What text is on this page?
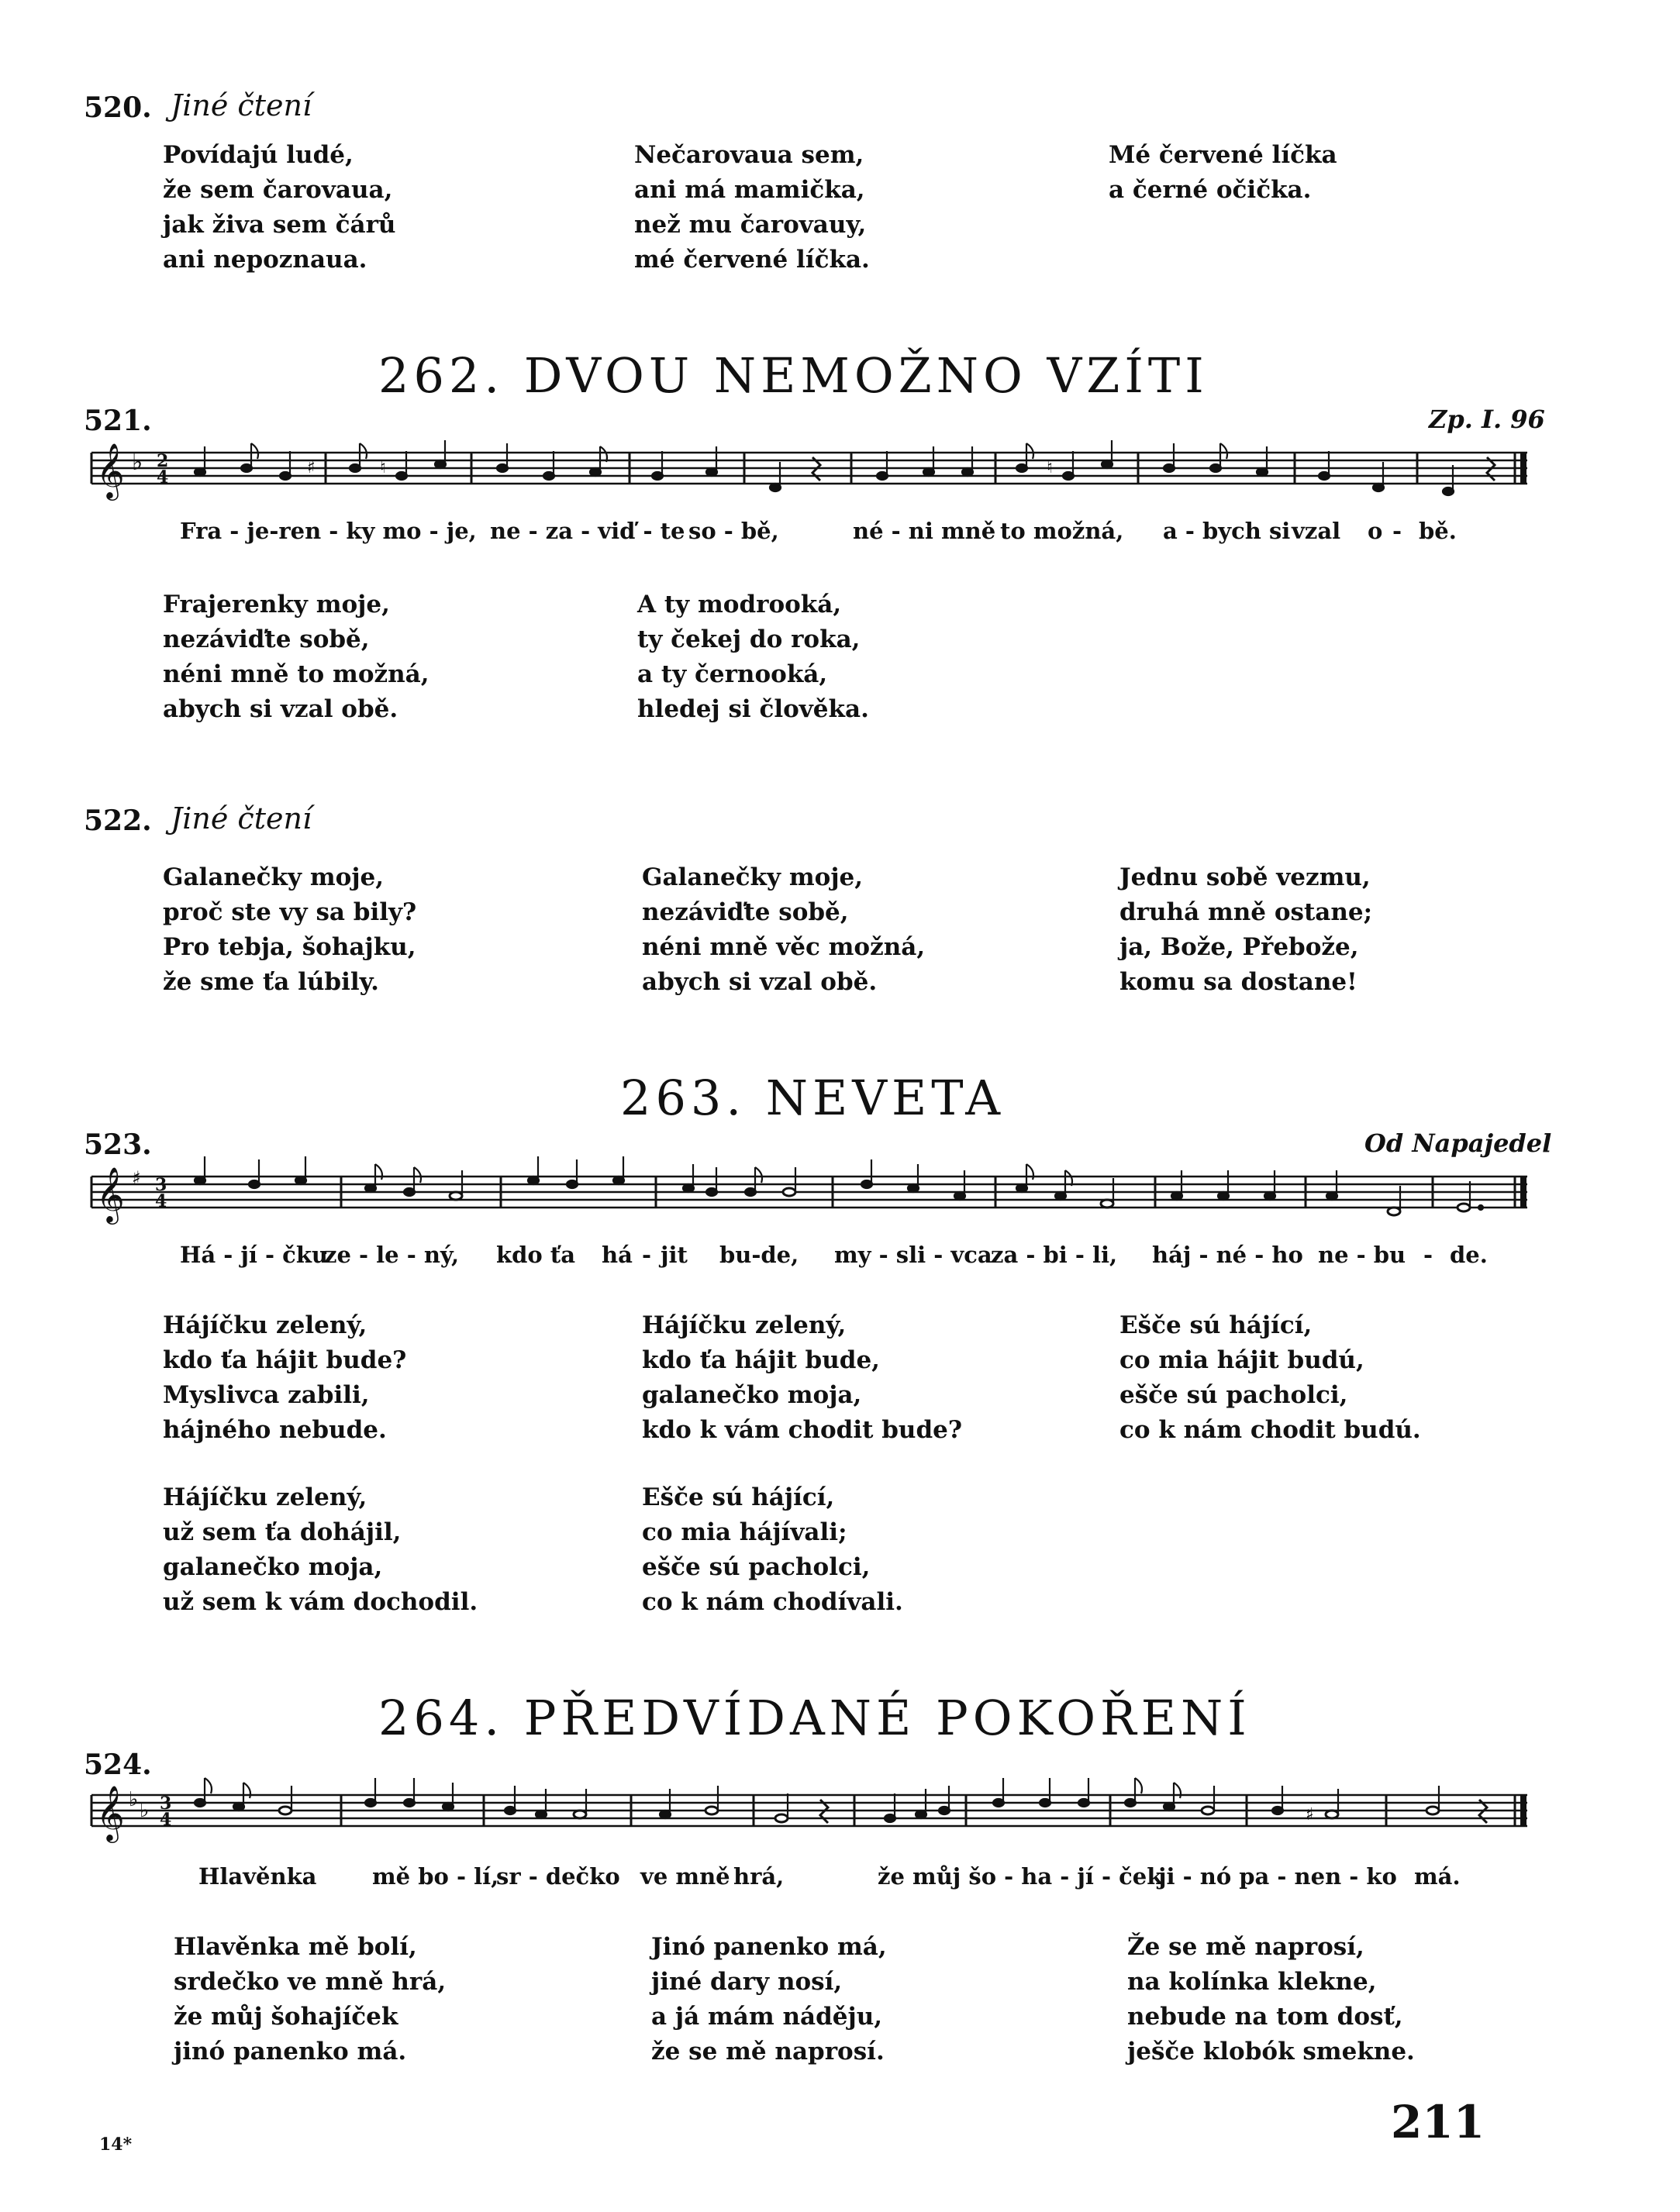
520. Jiné čtení
Povídajú ludé,
že sem čarovaua,
jak živa sem čárů
ani nepoznaua.
Nečarovaua sem,
ani má mamička,
než mu čarovauy,
mé červené líčka.
Mé červené líčka
a černé očička.
262. DVOU NEMOŽNO VZÍTI
521.	Zp. I. 96
𝄞 ♭ 2
4	♯	♮	♮
Fra - je-ren - ky mo - je, ne - za - viď - te so - bě,	né - ni mně to možná, a - bych si vzal o - bě.
Frajerenky moje,
nezáviďte sobě,
néni mně to možná,
abych si vzal obě.
A ty modrooká,
ty čekej do roka,
a ty černooká,
hledej si člověka.
522. Jiné čtení
Galanečky moje,
proč ste vy sa bily?
Pro tebja, šohajku,
že sme ťa lúbily.
Galanečky moje,
nezáviďte sobě,
néni mně věc možná,
abych si vzal obě.
Jednu sobě vezmu,
druhá mně ostane;
ja, Bože, Přebože,
komu sa dostane!
263. NEVETA
523.	Od Napajedel
𝄞 ♯ 3
4
Há - jí - čku
ze - le - ný, kdo ťa há - jit bu-de, my - sli - vca
za - bi - li, háj - né - ho ne - bu - de.
Hájíčku zelený,
kdo ťa hájit bude?
Myslivca zabili,
hájného nebude.
Hájíčku zelený,
kdo ťa hájit bude,
galanečko moja,
kdo k vám chodit bude?
Ešče sú hájící,
co mia hájit budú,
ešče sú pacholci,
co k nám chodit budú.
Hájíčku zelený,
už sem ťa dohájil,
galanečko moja,
už sem k vám dochodil.
Ešče sú hájící,
co mia hájívali;
ešče sú pacholci,
co k nám chodívali.
264. PŘEDVÍDANÉ POKOŘENÍ
524.
𝄞 ♭ ♭ 3
4	♯
Hlavěnka mě bo - lí,
sr - dečko ve mně hrá,	že můj šo - ha - jí - ček
ji - nó pa - nen - ko má.
Hlavěnka mě bolí,
srdečko ve mně hrá,
že můj šohajíček
jinó panenko má.
Jinó panenko má,
jiné dary nosí,
a já mám náděju,
že se mě naprosí.
Že se mě naprosí,
na kolínka klekne,
nebude na tom dosť,
ješče klobók smekne.
14*	211
